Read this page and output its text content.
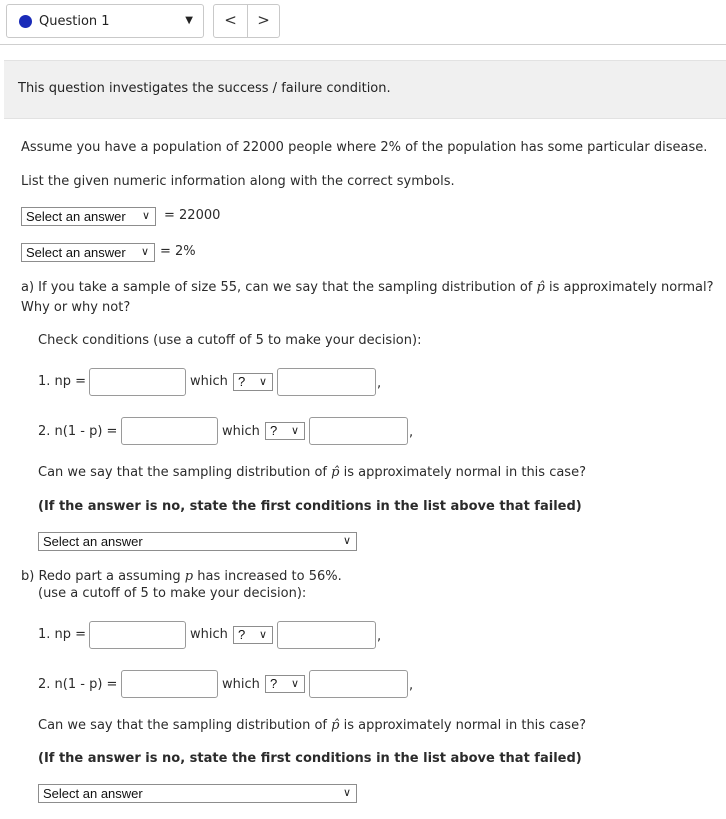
Question 1	▼	<	>
This question investigates the success / failure condition.
Assume you have a population of 22000 people where 2% of the population has some particular disease.
List the given numeric information along with the correct symbols.
Select an answer ∨ = 22000
Select an answer ∨ = 2%
a) If you take a sample of size 55, can we say that the sampling distribution of p̂ is approximately normal?
Why or why not?
Check conditions (use a cutoff of 5 to make your decision):
1. np =	which ? ∨	,
2. n(1 - p) =	which ? ∨	,
Can we say that the sampling distribution of p̂ is approximately normal in this case?
(If the answer is no, state the first conditions in the list above that failed)
Select an answer	∨
b) Redo part a assuming p has increased to 56%.
(use a cutoff of 5 to make your decision):
1. np =	which ? ∨	,
2. n(1 - p) =	which ? ∨	,
Can we say that the sampling distribution of p̂ is approximately normal in this case?
(If the answer is no, state the first conditions in the list above that failed)
Select an answer	∨
